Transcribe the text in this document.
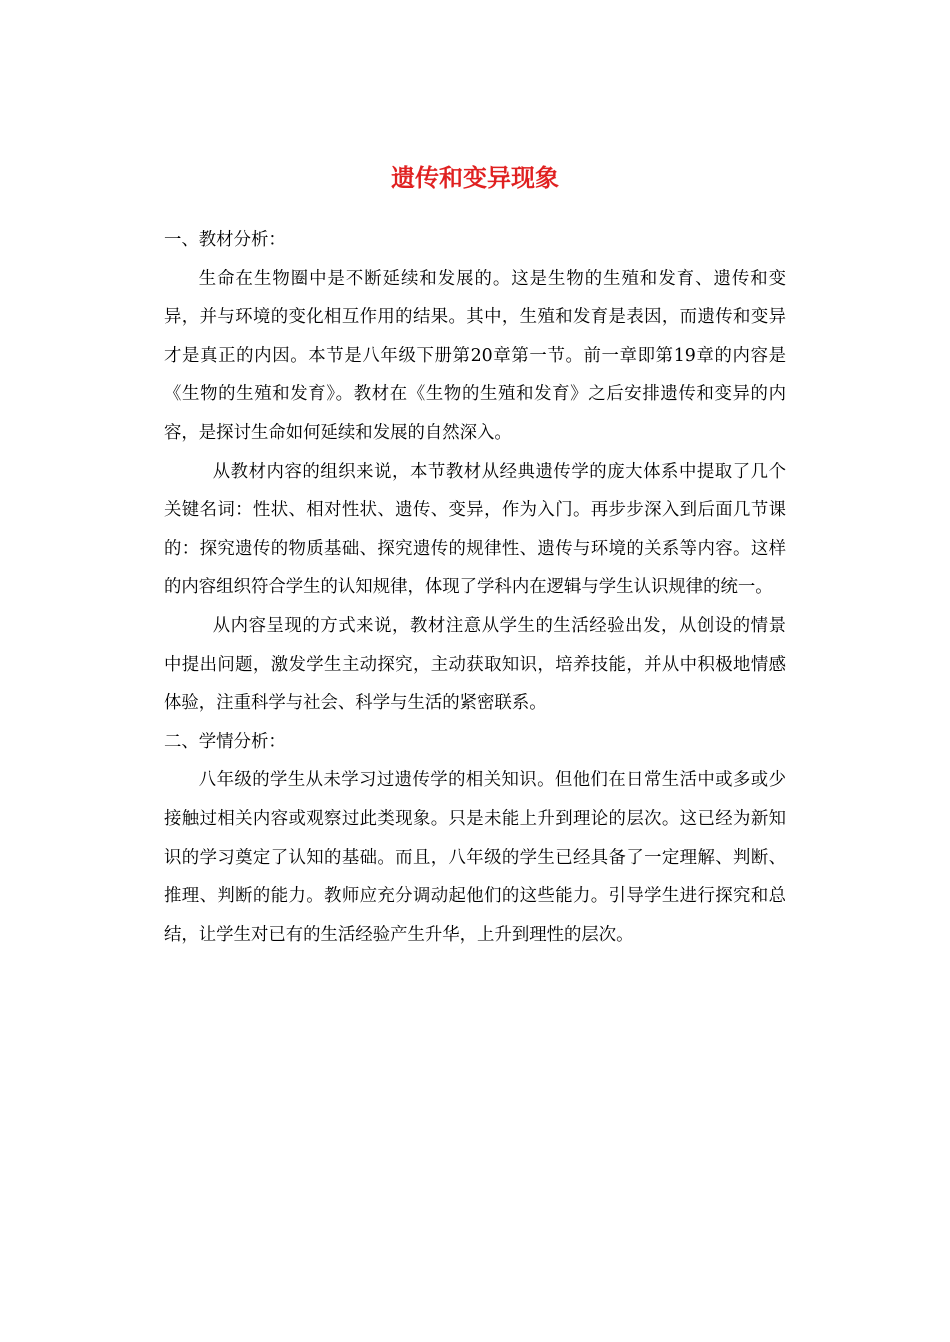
遗传和变异现象
一、教材分析：

生命在生物圈中是不断延续和发展的。这是生物的生殖和发育、遗传和变异，并与环境的变化相互作用的结果。其中，生殖和发育是表因，而遗传和变异才是真正的内因。本节是八年级下册第20章第一节。前一章即第19章的内容是《生物的生殖和发育》。教材在《生物的生殖和发育》之后安排遗传和变异的内容，是探讨生命如何延续和发展的自然深入。

从教材内容的组织来说，本节教材从经典遗传学的庞大体系中提取了几个关键名词：性状、相对性状、遗传、变异，作为入门。再步步深入到后面几节课的：探究遗传的物质基础、探究遗传的规律性、遗传与环境的关系等内容。这样的内容组织符合学生的认知规律，体现了学科内在逻辑与学生认识规律的统一。

从内容呈现的方式来说，教材注意从学生的生活经验出发，从创设的情景中提出问题，激发学生主动探究，主动获取知识，培养技能，并从中积极地情感体验，注重科学与社会、科学与生活的紧密联系。

二、学情分析：

八年级的学生从未学习过遗传学的相关知识。但他们在日常生活中或多或少接触过相关内容或观察过此类现象。只是未能上升到理论的层次。这已经为新知识的学习奠定了认知的基础。而且，八年级的学生已经具备了一定理解、判断、推理、判断的能力。教师应充分调动起他们的这些能力。引导学生进行探究和总结，让学生对已有的生活经验产生升华，上升到理性的层次。
